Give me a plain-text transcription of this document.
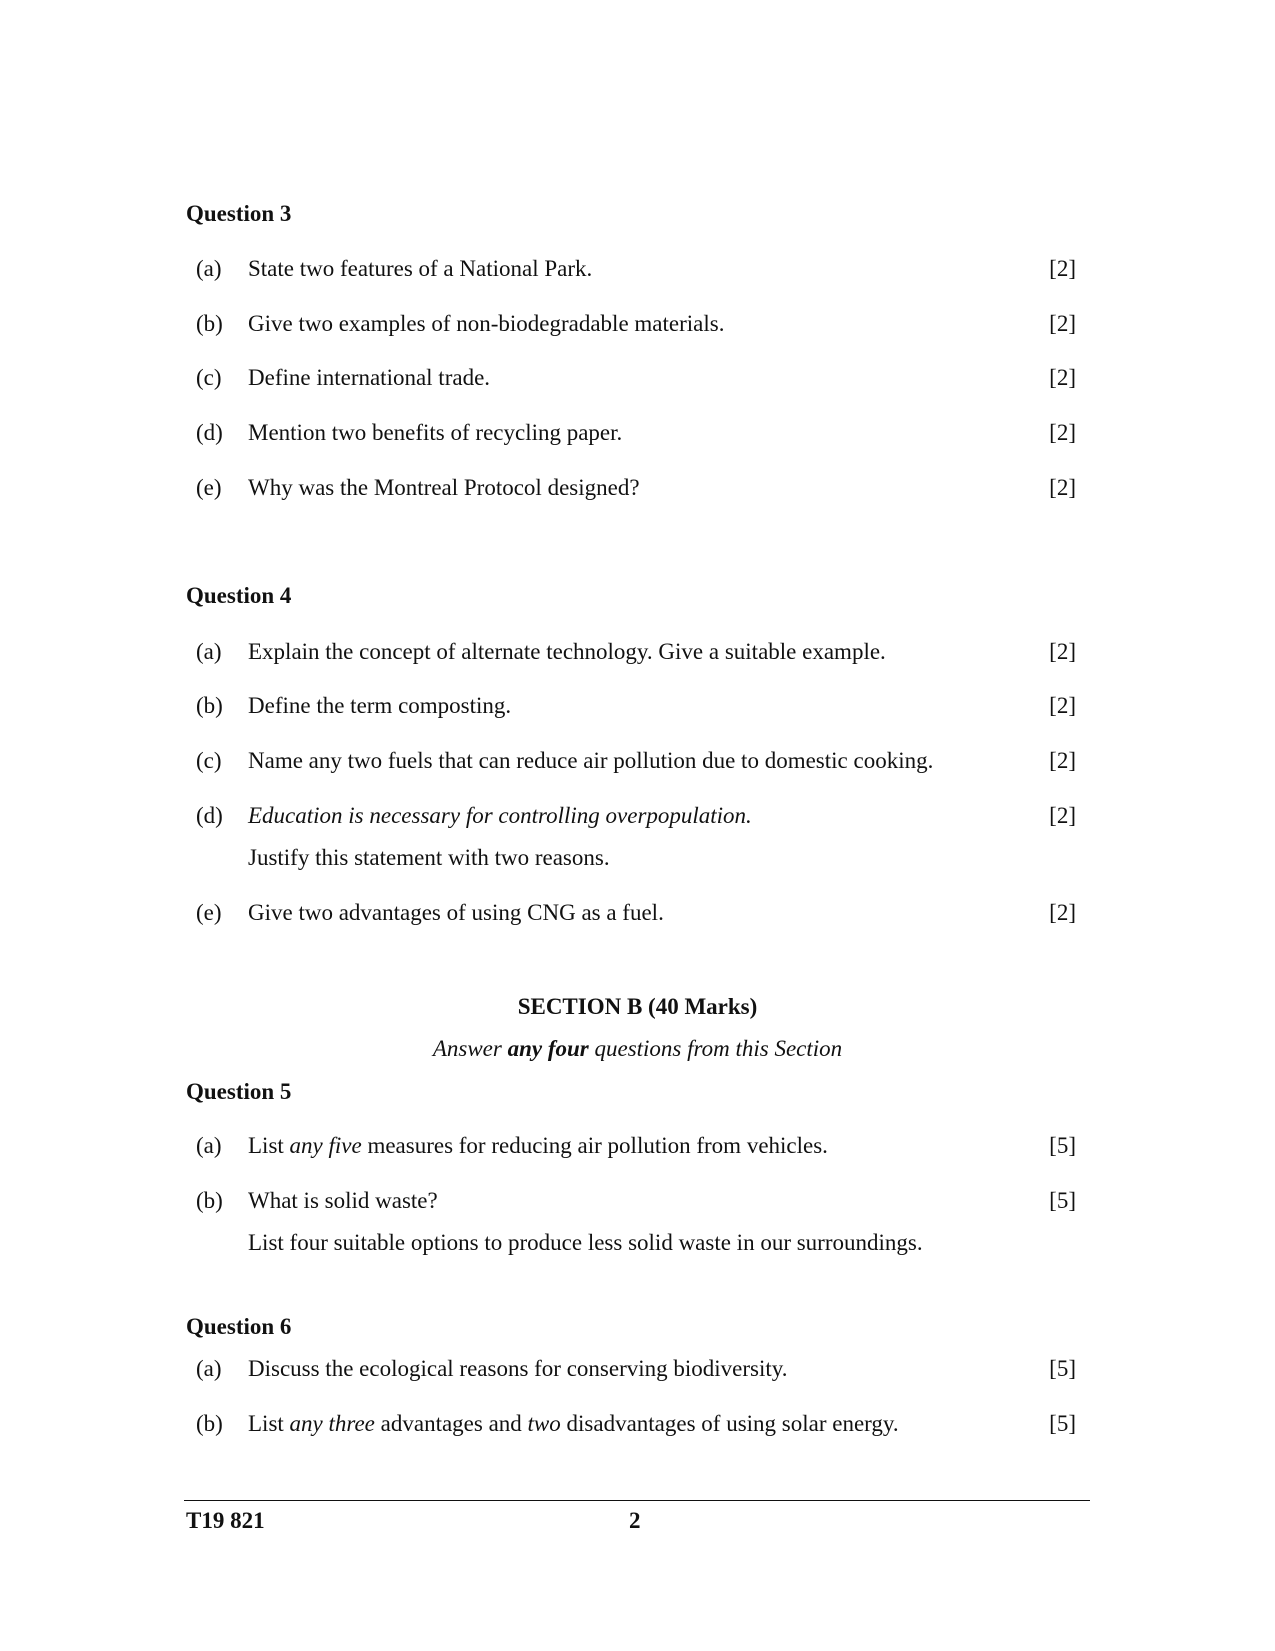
Question 3
(a) State two features of a National Park.	[2]
(b) Give two examples of non-biodegradable materials.	[2]
(c) Define international trade.	[2]
(d) Mention two benefits of recycling paper.	[2]
(e) Why was the Montreal Protocol designed?	[2]
Question 4
(a) Explain the concept of alternate technology. Give a suitable example.	[2]
(b) Define the term composting.	[2]
(c) Name any two fuels that can reduce air pollution due to domestic cooking.	[2]
(d) Education is necessary for controlling overpopulation.	[2]
Justify this statement with two reasons.
(e) Give two advantages of using CNG as a fuel.	[2]
SECTION B (40 Marks)
Answer any four questions from this Section
Question 5
(a) List any five measures for reducing air pollution from vehicles.	[5]
(b) What is solid waste?	[5]
List four suitable options to produce less solid waste in our surroundings.
Question 6
(a) Discuss the ecological reasons for conserving biodiversity.	[5]
(b) List any three advantages and two disadvantages of using solar energy.	[5]
T19 821	2
